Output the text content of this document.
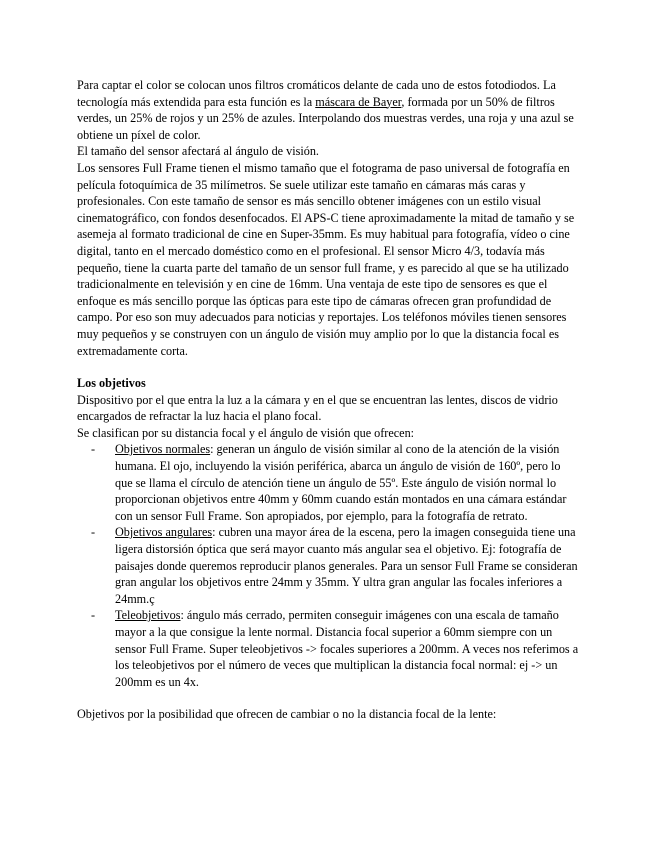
Para captar el color se colocan unos filtros cromáticos delante de cada uno de estos fotodiodos. La tecnología más extendida para esta función es la máscara de Bayer, formada por un 50% de filtros verdes, un 25% de rojos y un 25% de azules. Interpolando dos muestras verdes, una roja y una azul se obtiene un píxel de color.

El tamaño del sensor afectará al ángulo de visión.

Los sensores Full Frame tienen el mismo tamaño que el fotograma de paso universal de fotografía en película fotoquímica de 35 milímetros. Se suele utilizar este tamaño en cámaras más caras y profesionales. Con este tamaño de sensor es más sencillo obtener imágenes con un estilo visual cinematográfico, con fondos desenfocados. El APS-C tiene aproximadamente la mitad de tamaño y se asemeja al formato tradicional de cine en Super-35mm. Es muy habitual para fotografía, vídeo o cine digital, tanto en el mercado doméstico como en el profesional. El sensor Micro 4/3, todavía más pequeño, tiene la cuarta parte del tamaño de un sensor full frame, y es parecido al que se ha utilizado tradicionalmente en televisión y en cine de 16mm. Una ventaja de este tipo de sensores es que el enfoque es más sencillo porque las ópticas para este tipo de cámaras ofrecen gran profundidad de campo. Por eso son muy adecuados para noticias y reportajes. Los teléfonos móviles tienen sensores muy pequeños y se construyen con un ángulo de visión muy amplio por lo que la distancia focal es extremadamente corta.

Los objetivos

Dispositivo por el que entra la luz a la cámara y en el que se encuentran las lentes, discos de vidrio encargados de refractar la luz hacia el plano focal.

Se clasifican por su distancia focal y el ángulo de visión que ofrecen:

- Objetivos normales: generan un ángulo de visión similar al cono de la atención de la visión humana. El ojo, incluyendo la visión periférica, abarca un ángulo de visión de 160º, pero lo que se llama el círculo de atención tiene un ángulo de 55º. Este ángulo de visión normal lo proporcionan objetivos entre 40mm y 60mm cuando están montados en una cámara estándar con un sensor Full Frame. Son apropiados, por ejemplo, para la fotografía de retrato.
- Objetivos angulares: cubren una mayor área de la escena, pero la imagen conseguida tiene una ligera distorsión óptica que será mayor cuanto más angular sea el objetivo. Ej: fotografía de paisajes donde queremos reproducir planos generales. Para un sensor Full Frame se consideran gran angular los objetivos entre 24mm y 35mm. Y ultra gran angular las focales inferiores a 24mm.ç
- Teleobjetivos: ángulo más cerrado, permiten conseguir imágenes con una escala de tamaño mayor a la que consigue la lente normal. Distancia focal superior a 60mm siempre con un sensor Full Frame. Super teleobjetivos -> focales superiores a 200mm. A veces nos referimos a los teleobjetivos por el número de veces que multiplican la distancia focal normal: ej -> un 200mm es un 4x.

Objetivos por la posibilidad que ofrecen de cambiar o no la distancia focal de la lente:
